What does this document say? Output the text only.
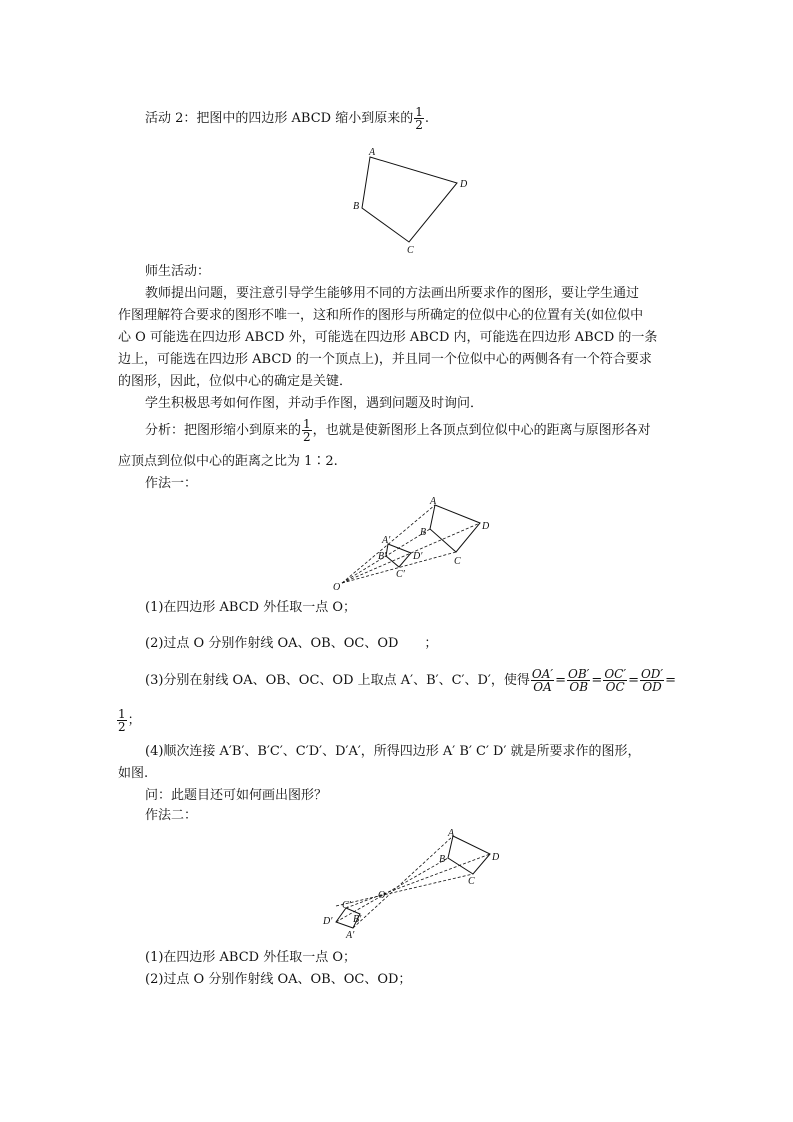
活动 2：把图中的四边形 ABCD 缩小到原来的 $\frac{1}{2}$ .
A
D
B
C
师生活动：
教师提出问题，要注意引导学生能够用不同的方法画出所要求作的图形，要让学生通过
作图理解符合要求的图形不唯一，这和所作的图形与所确定的位似中心的位置有关(如位似中
心 O 可能选在四边形 ABCD 外，可能选在四边形 ABCD 内，可能选在四边形 ABCD 的一条
边上，可能选在四边形 ABCD 的一个顶点上)，并且同一个位似中心的两侧各有一个符合要求
的图形，因此，位似中心的确定是关键．
学生积极思考如何作图，并动手作图，遇到问题及时询问．
分析：把图形缩小到原来的 $\frac{1}{2}$ ，也就是使新图形上各顶点到位似中心的距离与原图形各对
应顶点到位似中心的距离之比为 1∶2.
作法一：
A
D
B
C
A′
D′
B′
C′
O
(1)在四边形 ABCD 外任取一点 O；
(2)过点 O 分别作射线 OA、OB、OC、OD　　；
(3)分别在射线 OA、OB、OC、OD 上取点 A′、B′、C′、D′，使得 $\frac{OA'}{OA} = \frac{OB'}{OB} = \frac{OC'}{OC} = \frac{OD'}{OD}$ =
$\frac{1}{2}$ ；
(4)顺次连接 A′B′、B′C′、C′D′、D′A′，所得四边形 A′ B′ C′ D′ 就是所要求作的图形，
如图.
问：此题目还可如何画出图形？
作法二：
A
D
B
C
O
C′
D′ B′
A′
(1)在四边形 ABCD 外任取一点 O；
(2)过点 O 分别作射线 OA、OB、OC、OD；
